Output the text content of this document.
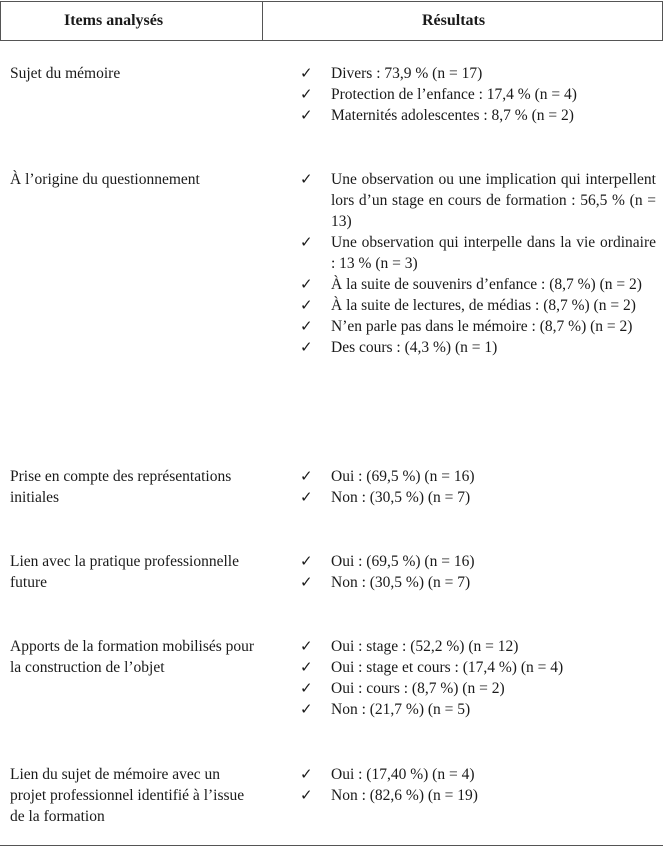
Items analysés	Résultats
Sujet du mémoire	✓	Divers : 73,9 % (n = 17)
✓	Protection de l’enfance : 17,4 % (n = 4)
✓	Maternités adolescentes : 8,7 % (n = 2)
À l’origine du questionnement	✓	Une observation ou une implication qui interpellent lors d’un stage en cours de formation : 56,5 % (n = 13)
✓	Une observation qui interpelle dans la vie ordinaire : 13 % (n = 3)
✓	À la suite de souvenirs d’enfance : (8,7 %) (n = 2)
✓	À la suite de lectures, de médias : (8,7 %) (n = 2)
✓	N’en parle pas dans le mémoire : (8,7 %) (n = 2)
✓	Des cours : (4,3 %) (n = 1)
Prise en compte des représentations initiales
✓	Oui : (69,5 %) (n = 16)
✓	Non : (30,5 %) (n = 7)
Lien avec la pratique professionnelle future
✓	Oui : (69,5 %) (n = 16)
✓	Non : (30,5 %) (n = 7)
Apports de la formation mobilisés pour la construction de l’objet
✓	Oui : stage : (52,2 %) (n = 12)
✓	Oui : stage et cours : (17,4 %) (n = 4)
✓	Oui : cours : (8,7 %) (n = 2)
✓	Non : (21,7 %) (n = 5)
Lien du sujet de mémoire avec un projet professionnel identifié à l’issue de la formation
✓	Oui : (17,40 %) (n = 4)
✓	Non : (82,6 %) (n = 19)
